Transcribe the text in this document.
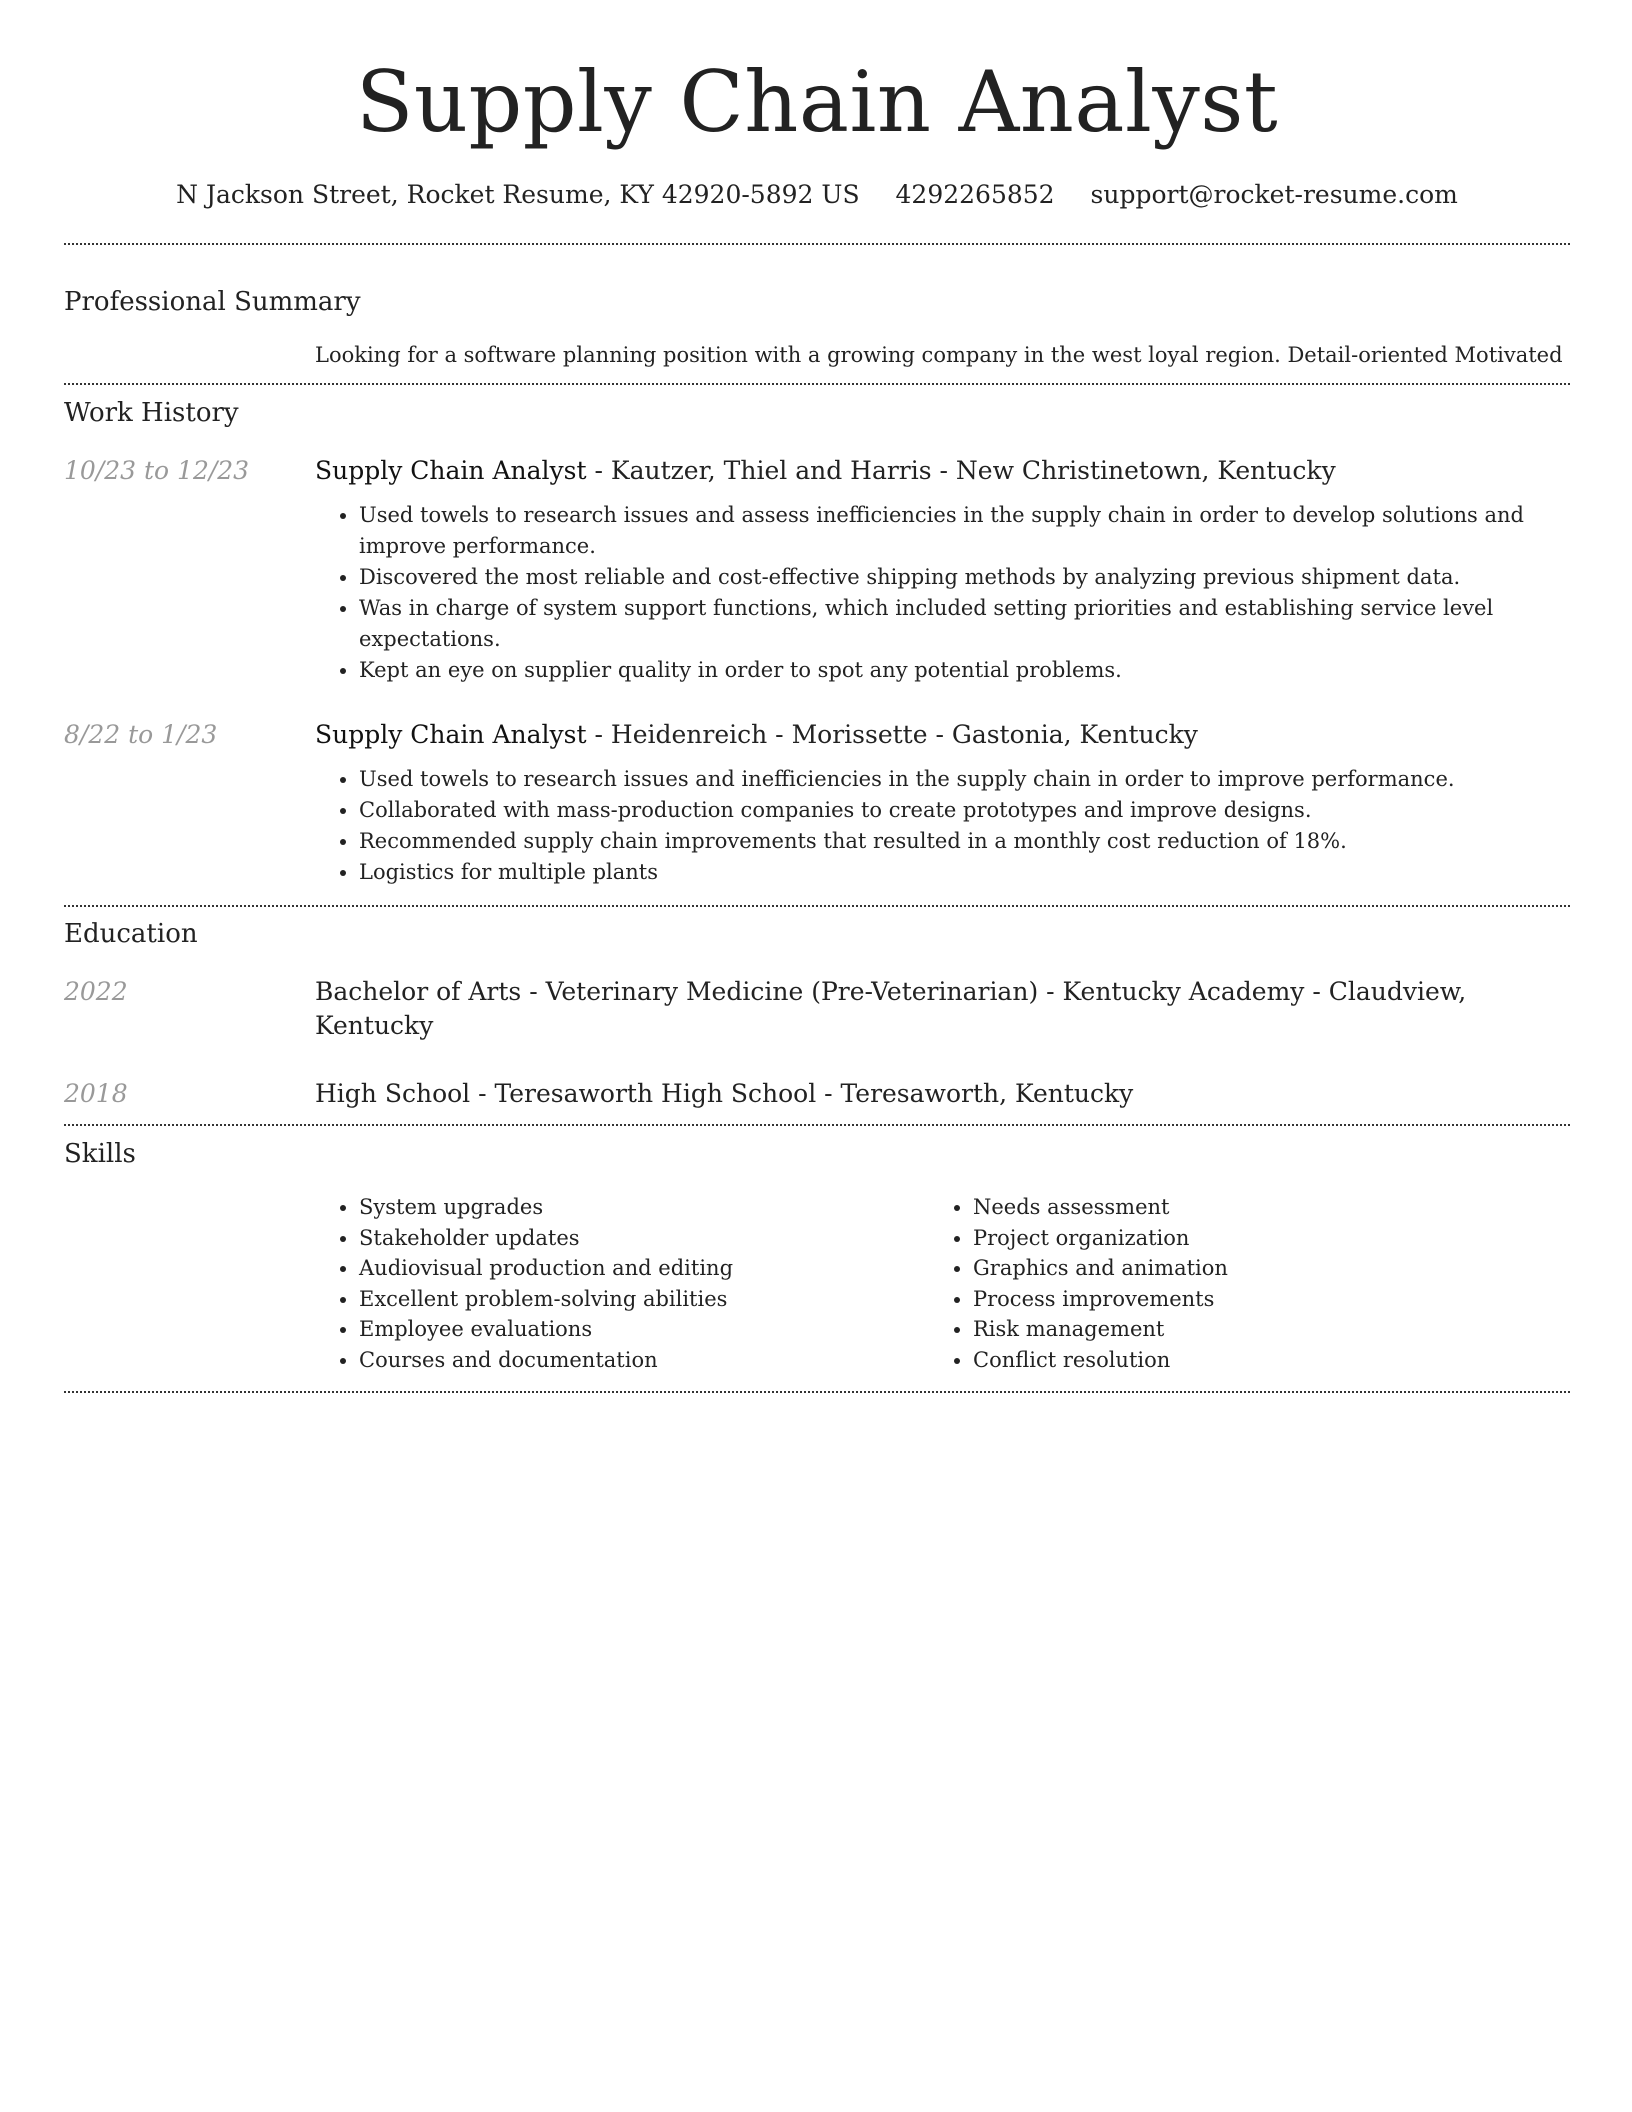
Supply Chain Analyst
N Jackson Street, Rocket Resume, KY 42920-5892 US 4292265852 support@rocket-resume.com
Professional Summary
Looking for a software planning position with a growing company in the west loyal region. Detail-oriented Motivated
Work History
10/23 to 12/23	Supply Chain Analyst - Kautzer, Thiel and Harris - New Christinetown, Kentucky
• Used towels to research issues and assess inefficiencies in the supply chain in order to develop solutions and improve performance.
• Discovered the most reliable and cost-effective shipping methods by analyzing previous shipment data.
• Was in charge of system support functions, which included setting priorities and establishing service level expectations.
• Kept an eye on supplier quality in order to spot any potential problems.
8/22 to 1/23	Supply Chain Analyst - Heidenreich - Morissette - Gastonia, Kentucky
• Used towels to research issues and inefficiencies in the supply chain in order to improve performance.
• Collaborated with mass-production companies to create prototypes and improve designs.
• Recommended supply chain improvements that resulted in a monthly cost reduction of 18%.
• Logistics for multiple plants
Education
2022	Bachelor of Arts - Veterinary Medicine (Pre-Veterinarian) - Kentucky Academy - Claudview, Kentucky
2018	High School - Teresaworth High School - Teresaworth, Kentucky
Skills
• System upgrades
• Stakeholder updates
• Audiovisual production and editing
• Excellent problem-solving abilities
• Employee evaluations
• Courses and documentation
• Needs assessment
• Project organization
• Graphics and animation
• Process improvements
• Risk management
• Conflict resolution
